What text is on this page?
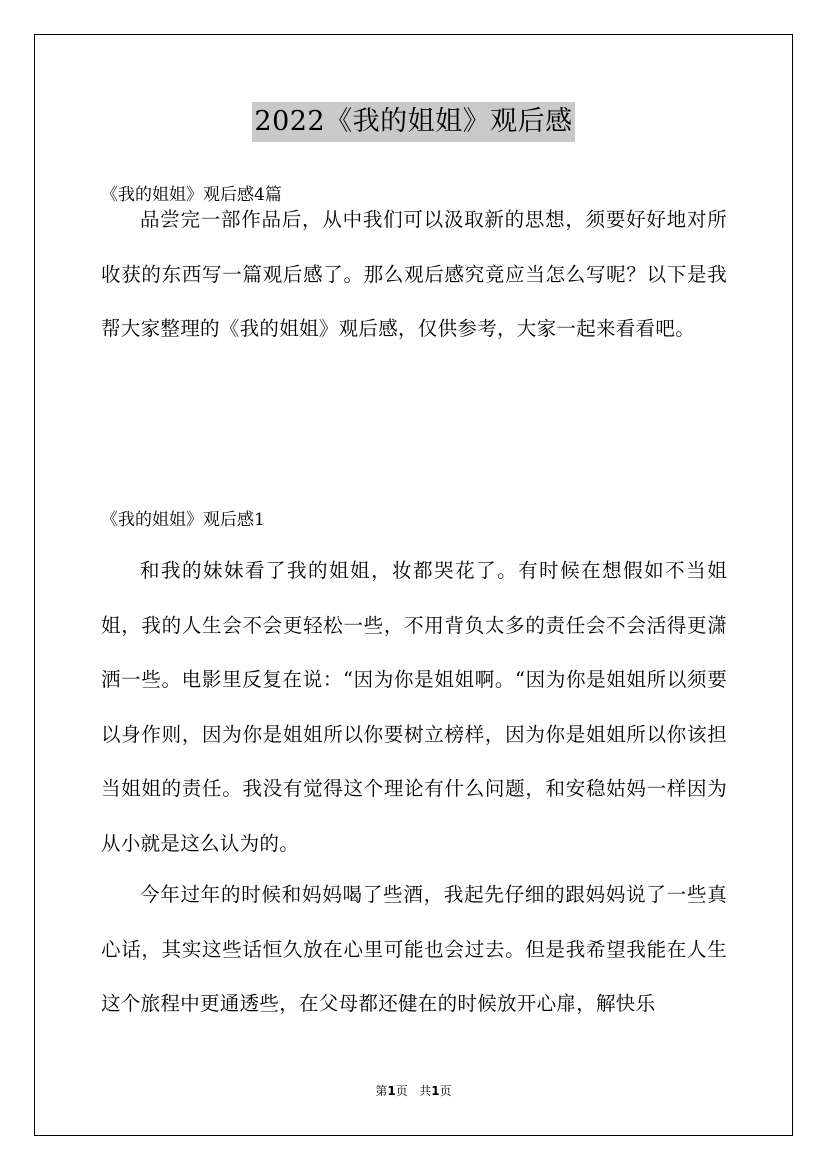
2022《我的姐姐》观后感
《我的姐姐》观后感4篇

品尝完一部作品后，从中我们可以汲取新的思想，须要好好地对所收获的东西写一篇观后感了。那么观后感究竟应当怎么写呢？以下是我帮大家整理的《我的姐姐》观后感，仅供参考，大家一起来看看吧。

《我的姐姐》观后感1

和我的妹妹看了我的姐姐，妆都哭花了。有时候在想假如不当姐姐，我的人生会不会更轻松一些，不用背负太多的责任会不会活得更潇洒一些。电影里反复在说：“因为你是姐姐啊。“因为你是姐姐所以须要以身作则，因为你是姐姐所以你要树立榜样，因为你是姐姐所以你该担当姐姐的责任。我没有觉得这个理论有什么问题，和安稳姑妈一样因为从小就是这么认为的。

今年过年的时候和妈妈喝了些酒，我起先仔细的跟妈妈说了一些真心话，其实这些话恒久放在心里可能也会过去。但是我希望我能在人生这个旅程中更通透些，在父母都还健在的时候放开心扉，解快乐

第1页 共1页
